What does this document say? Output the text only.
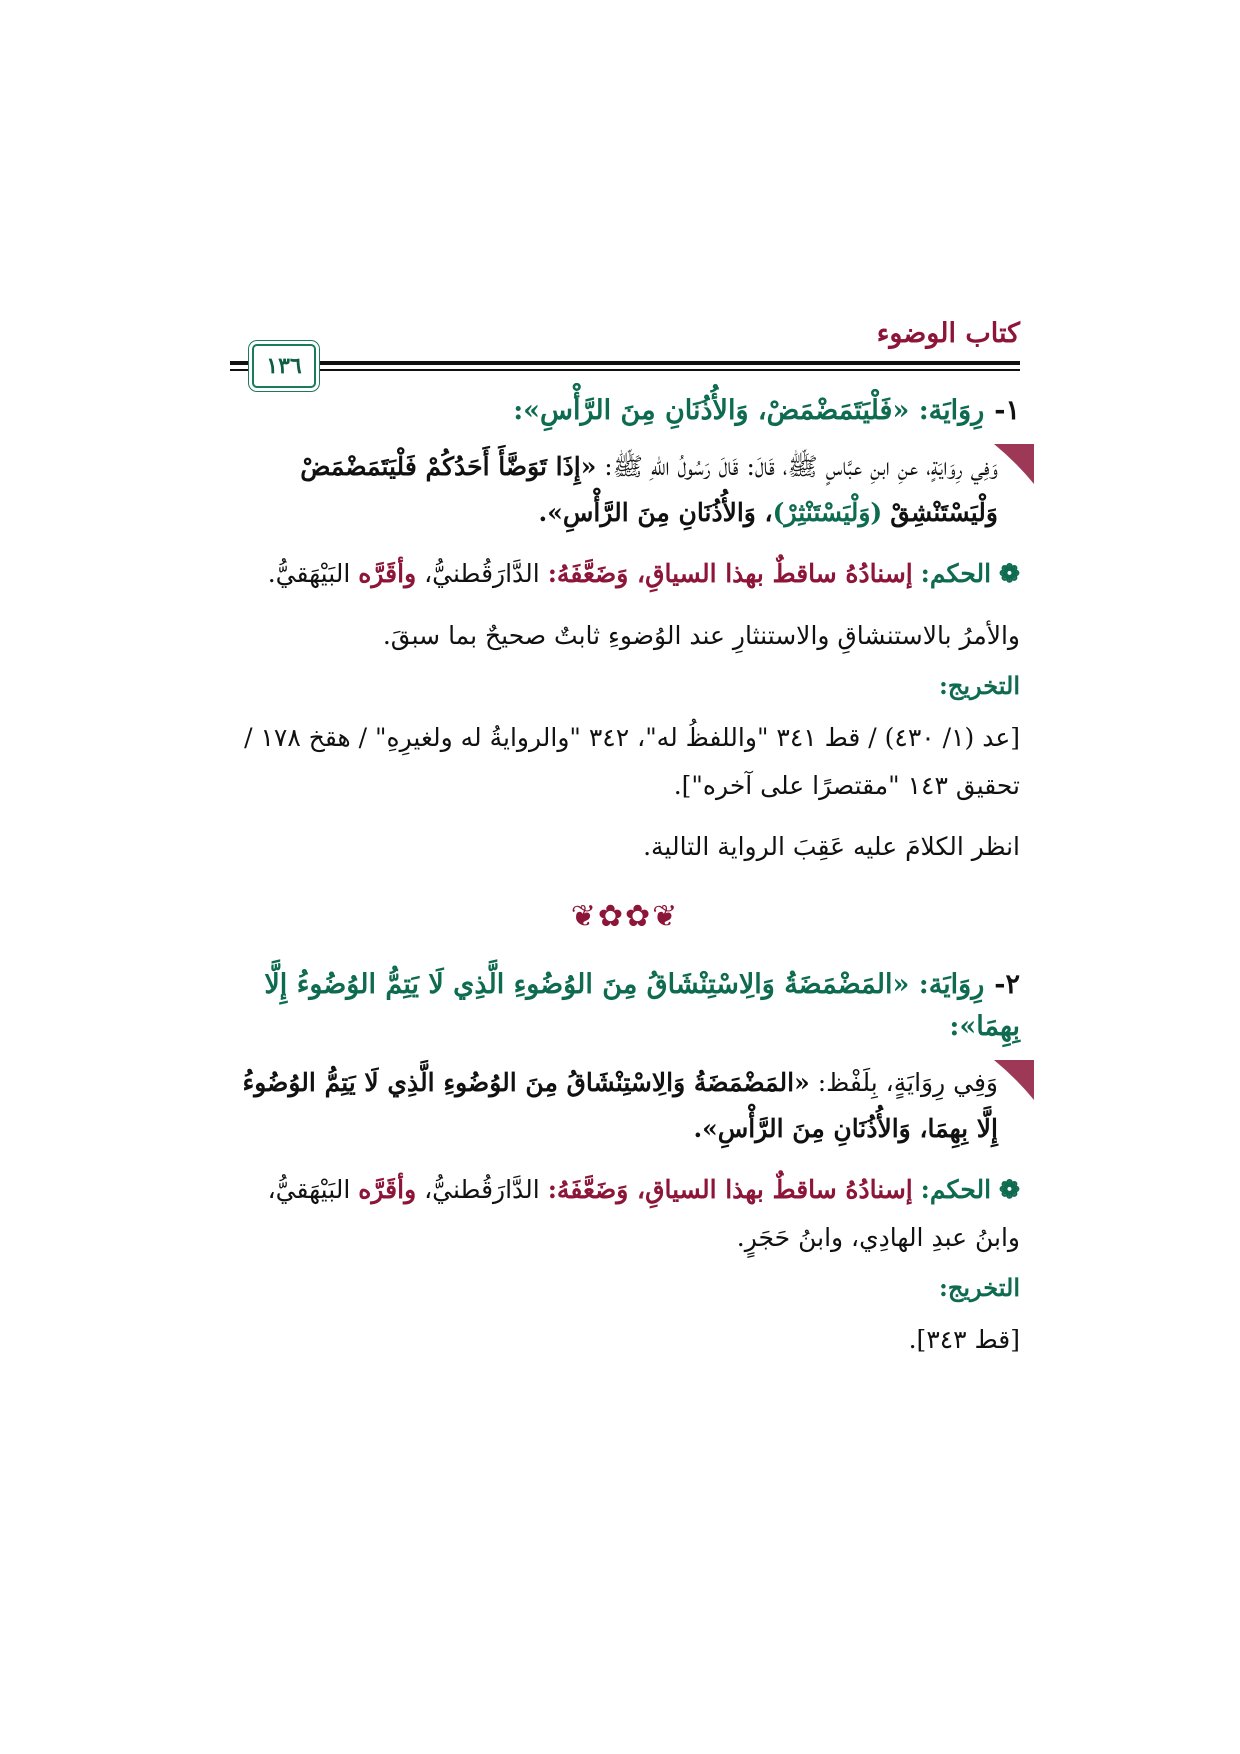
كتاب الوضوء
١٣٦
١-رِوَايَة: «فَلْيَتَمَضْمَضْ، وَالأُذُنَانِ مِنَ الرَّأْسِ»:
وَفِي رِوَايَةٍ، عنِ ابنِ عبَّاسٍ ﷺ، قَالَ: قَالَ رَسُولُ اللهِ ﷺ: «إِذَا تَوَضَّأَ أَحَدُكُمْ فَلْيَتَمَضْمَضْ وَلْيَسْتَنْشِقْ (وَلْيَسْتَنْثِرْ)، وَالأُذُنَانِ مِنَ الرَّأْسِ».

❁الحكم: إسنادُهُ ساقطٌ بهذا السياقِ، وَضَعَّفَهُ: الدَّارَقُطنيُّ، وأقَرَّه البَيْهَقيُّ.

والأمرُ بالاستنشاقِ والاستنثارِ عند الوُضوءِ ثابتٌ صحيحٌ بما سبقَ.

التخريج:

[عد (١/ ٤٣٠) / قط ٣٤١ "واللفظُ له"، ٣٤٢ "والروايةُ له ولغيرِهِ" / هقخ ١٧٨ / تحقيق ١٤٣ "مقتصرًا على آخره"].

انظر الكلامَ عليه عَقِبَ الرواية التالية.

❦✿✿❦
٢-رِوَايَة: «المَضْمَضَةُ وَالِاسْتِنْشَاقُ مِنَ الوُضُوءِ الَّذِي لَا يَتِمُّ الوُضُوءُ إِلَّا بِهِمَا»:
وَفِي رِوَايَةٍ، بِلَفْظ: «المَضْمَضَةُ وَالِاسْتِنْشَاقُ مِنَ الوُضُوءِ الَّذِي لَا يَتِمُّ الوُضُوءُ إِلَّا بِهِمَا، وَالأُذُنَانِ مِنَ الرَّأْسِ».

❁الحكم: إسنادُهُ ساقطٌ بهذا السياقِ، وَضَعَّفَهُ: الدَّارَقُطنيُّ، وأقَرَّه البَيْهَقيُّ، وابنُ عبدِ الهادِي، وابنُ حَجَرٍ.

التخريج:

[قط ٣٤٣].
